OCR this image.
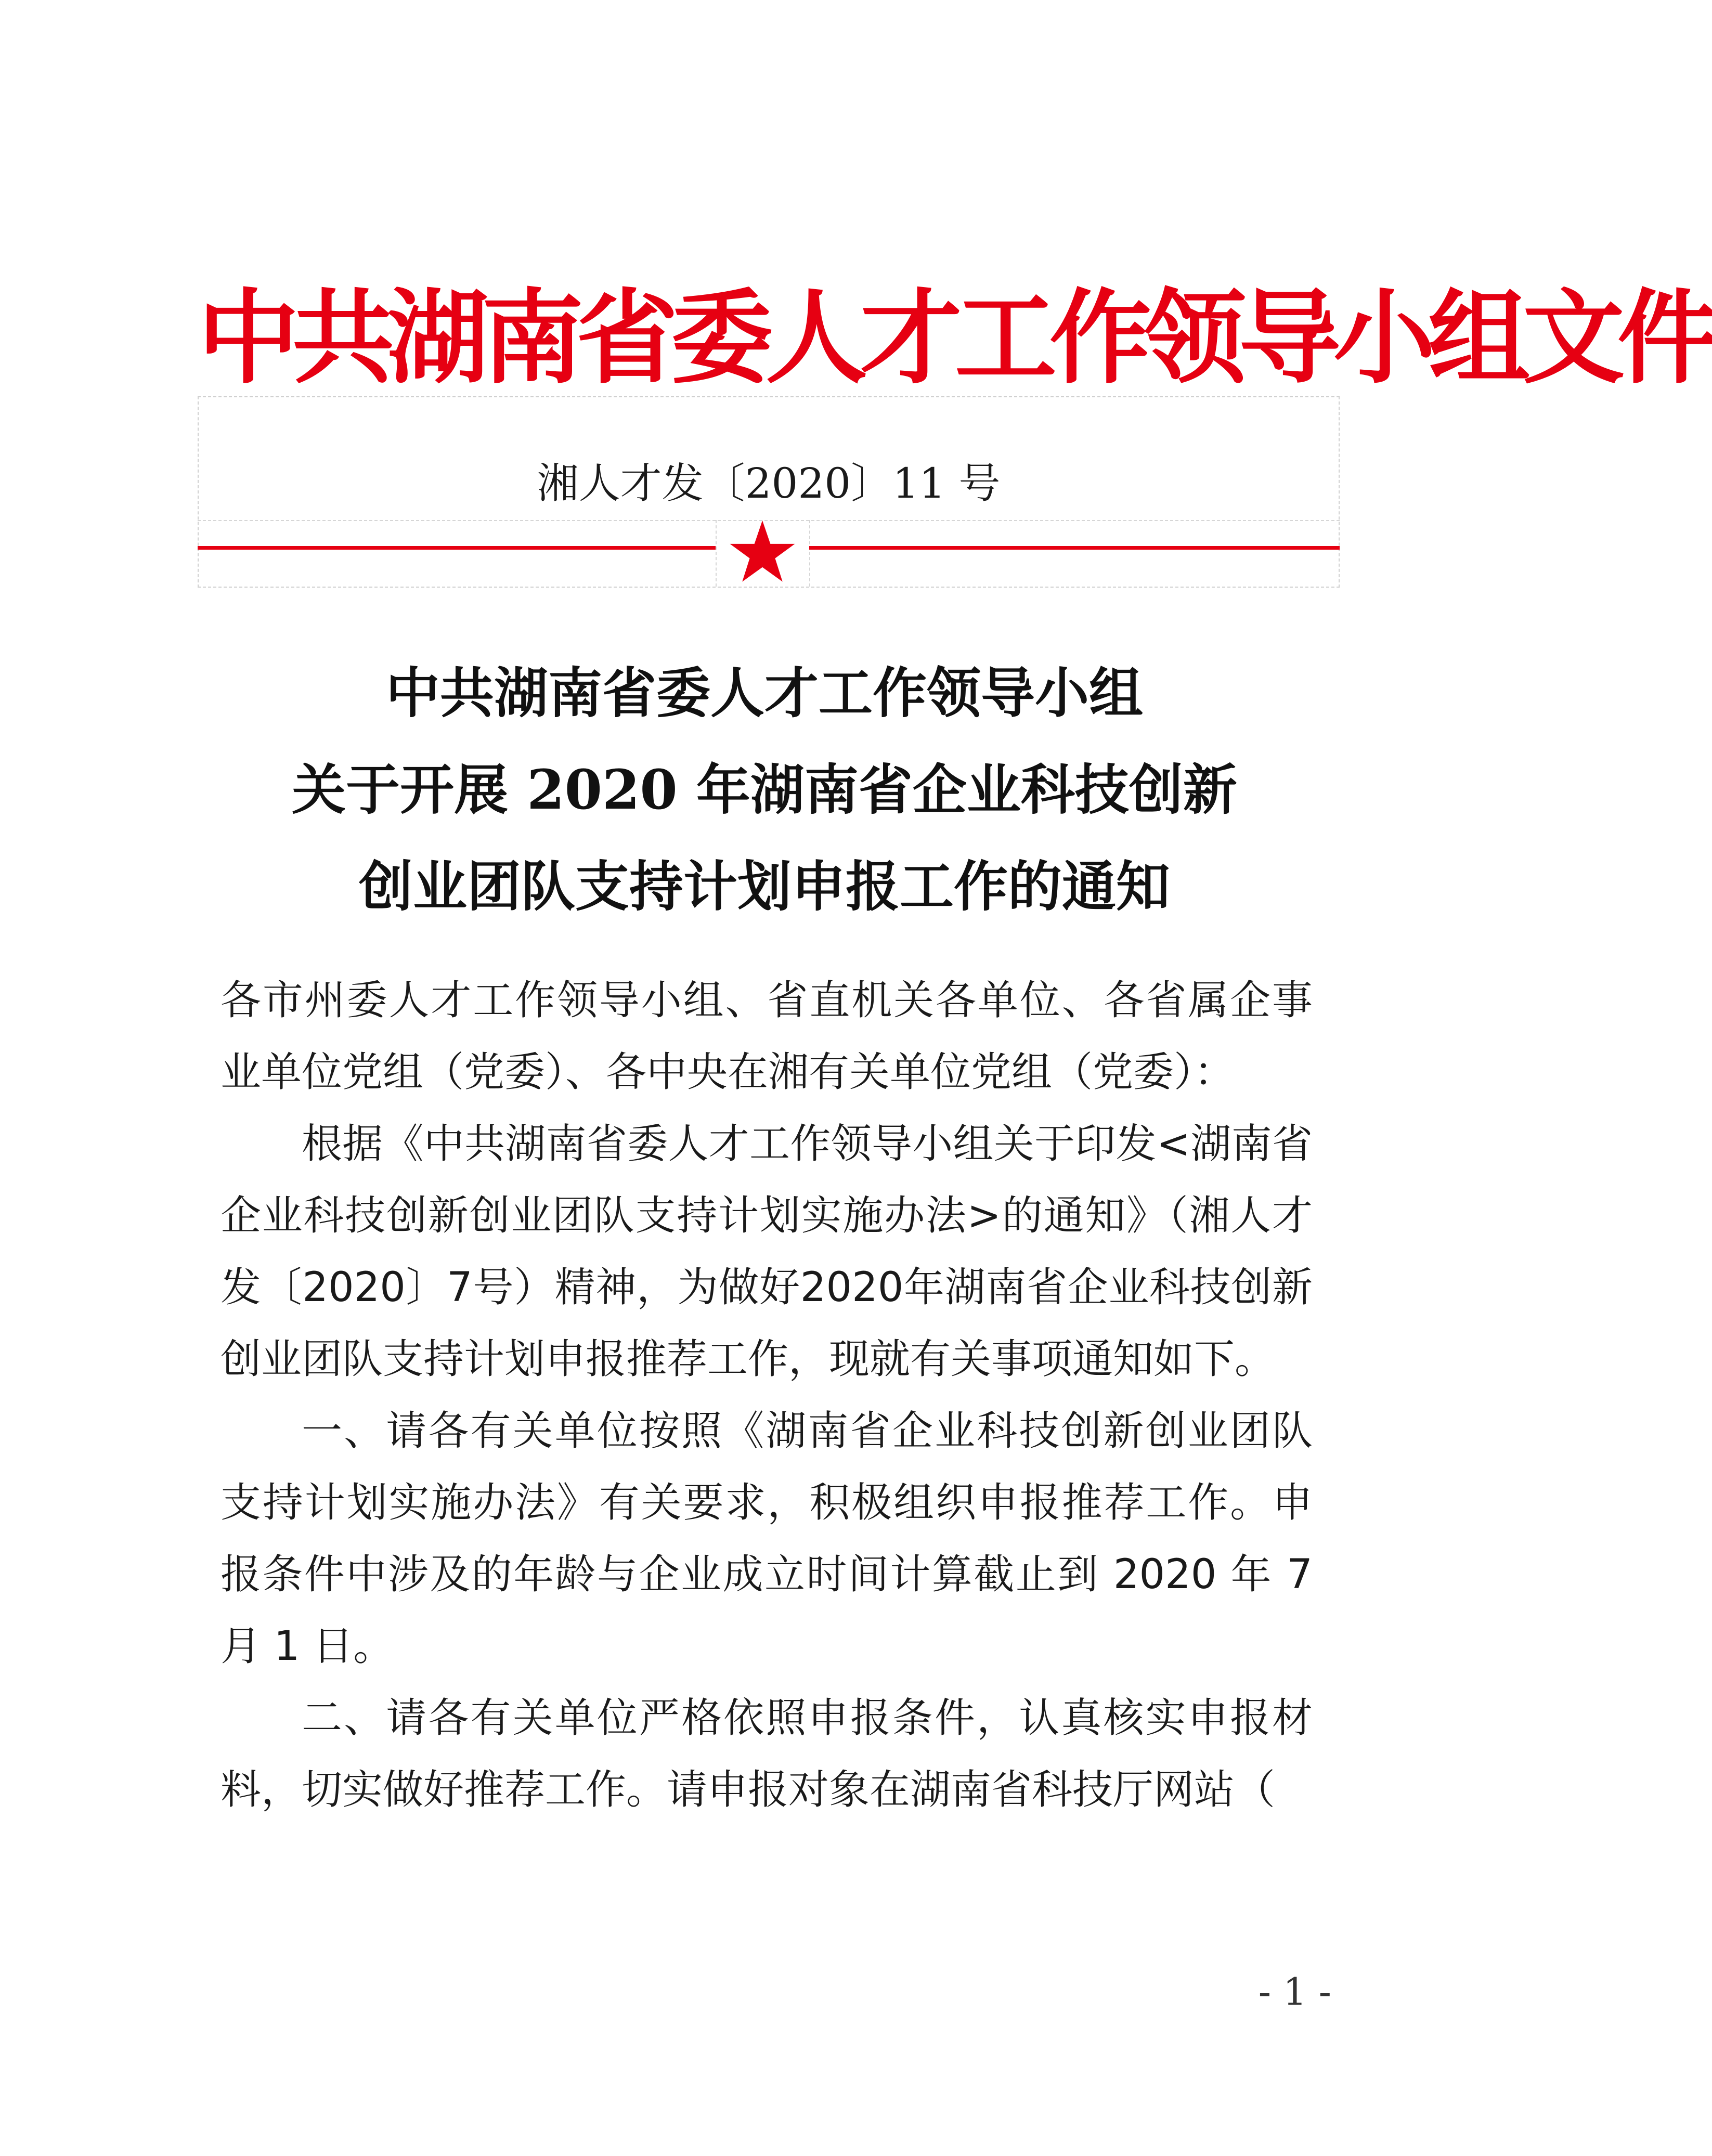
中共湖南省委人才工作领导小组文件
湘人才发〔2020〕11 号
中共湖南省委人才工作领导小组
关于开展 2020 年湖南省企业科技创新
创业团队支持计划申报工作的通知

各市州委人才工作领导小组、省直机关各单位、各省属企事业单位党组（党委）、各中央在湘有关单位党组（党委）：

根据《中共湖南省委人才工作领导小组关于印发<湖南省企业科技创新创业团队支持计划实施办法>的通知》（湘人才发〔2020〕7号）精神，为做好2020年湖南省企业科技创新创业团队支持计划申报推荐工作，现就有关事项通知如下。

一、请各有关单位按照《湖南省企业科技创新创业团队支持计划实施办法》有关要求，积极组织申报推荐工作。申报条件中涉及的年龄与企业成立时间计算截止到 2020 年 7 月 1 日。

二、请各有关单位严格依照申报条件，认真核实申报材料，切实做好推荐工作。请申报对象在湖南省科技厅网站（

- 1 -
